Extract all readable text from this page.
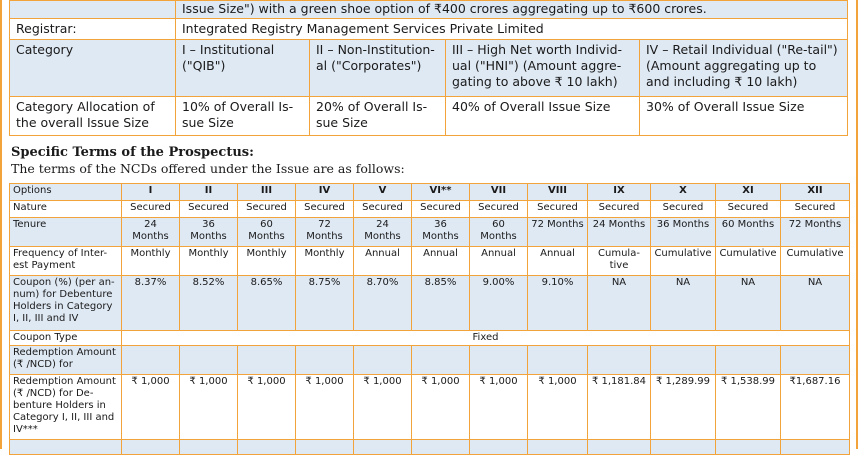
	Issue Size") with a green shoe option of ₹400 crores aggregating up to ₹600 crores.			
Registrar:	Integrated Registry Management Services Private Limited			
Category	I – Institutional ("QIB")	II – Non-Institution-al ("Corporates")	III – High Net worth Individ-ual ("HNI") (Amount aggre-gating to above ₹ 10 lakh)	IV – Retail Individual ("Re-tail") (Amount aggregating up to and including ₹ 10 lakh)
Category Allocation of the overall Issue Size	10% of Overall Is-sue Size	20% of Overall Is-sue Size	40% of Overall Issue Size	30% of Overall Issue Size
Specific Terms of the Prospectus:
The terms of the NCDs offered under the Issue are as follows:
Options	I	II	III	IV	V	VI**	VII	VIII	IX	X	XI	XII
Nature	Secured	Secured	Secured	Secured	Secured	Secured	Secured	Secured	Secured	Secured	Secured	Secured
Tenure	24 Months	36 Months	60 Months	72 Months	24 Months	36 Months	60 Months	72 Months	24 Months	36 Months	60 Months	72 Months
Frequency of Inter-est Payment	Monthly	Monthly	Monthly	Monthly	Annual	Annual	Annual	Annual	Cumula-tive	Cumulative	Cumulative	Cumulative
Coupon (%) (per an-num) for Debenture Holders in Category I, II, III and IV	8.37%	8.52%	8.65%	8.75%	8.70%	8.85%	9.00%	9.10%	NA	NA	NA	NA
Coupon Type	Fixed											
Redemption Amount (₹ /NCD) for												
Redemption Amount (₹ /NCD) for De-benture Holders in Category I, II, III and IV***	₹ 1,000	₹ 1,000	₹ 1,000	₹ 1,000	₹ 1,000	₹ 1,000	₹ 1,000	₹ 1,000	₹ 1,181.84	₹ 1,289.99	₹ 1,538.99	₹1,687.16
